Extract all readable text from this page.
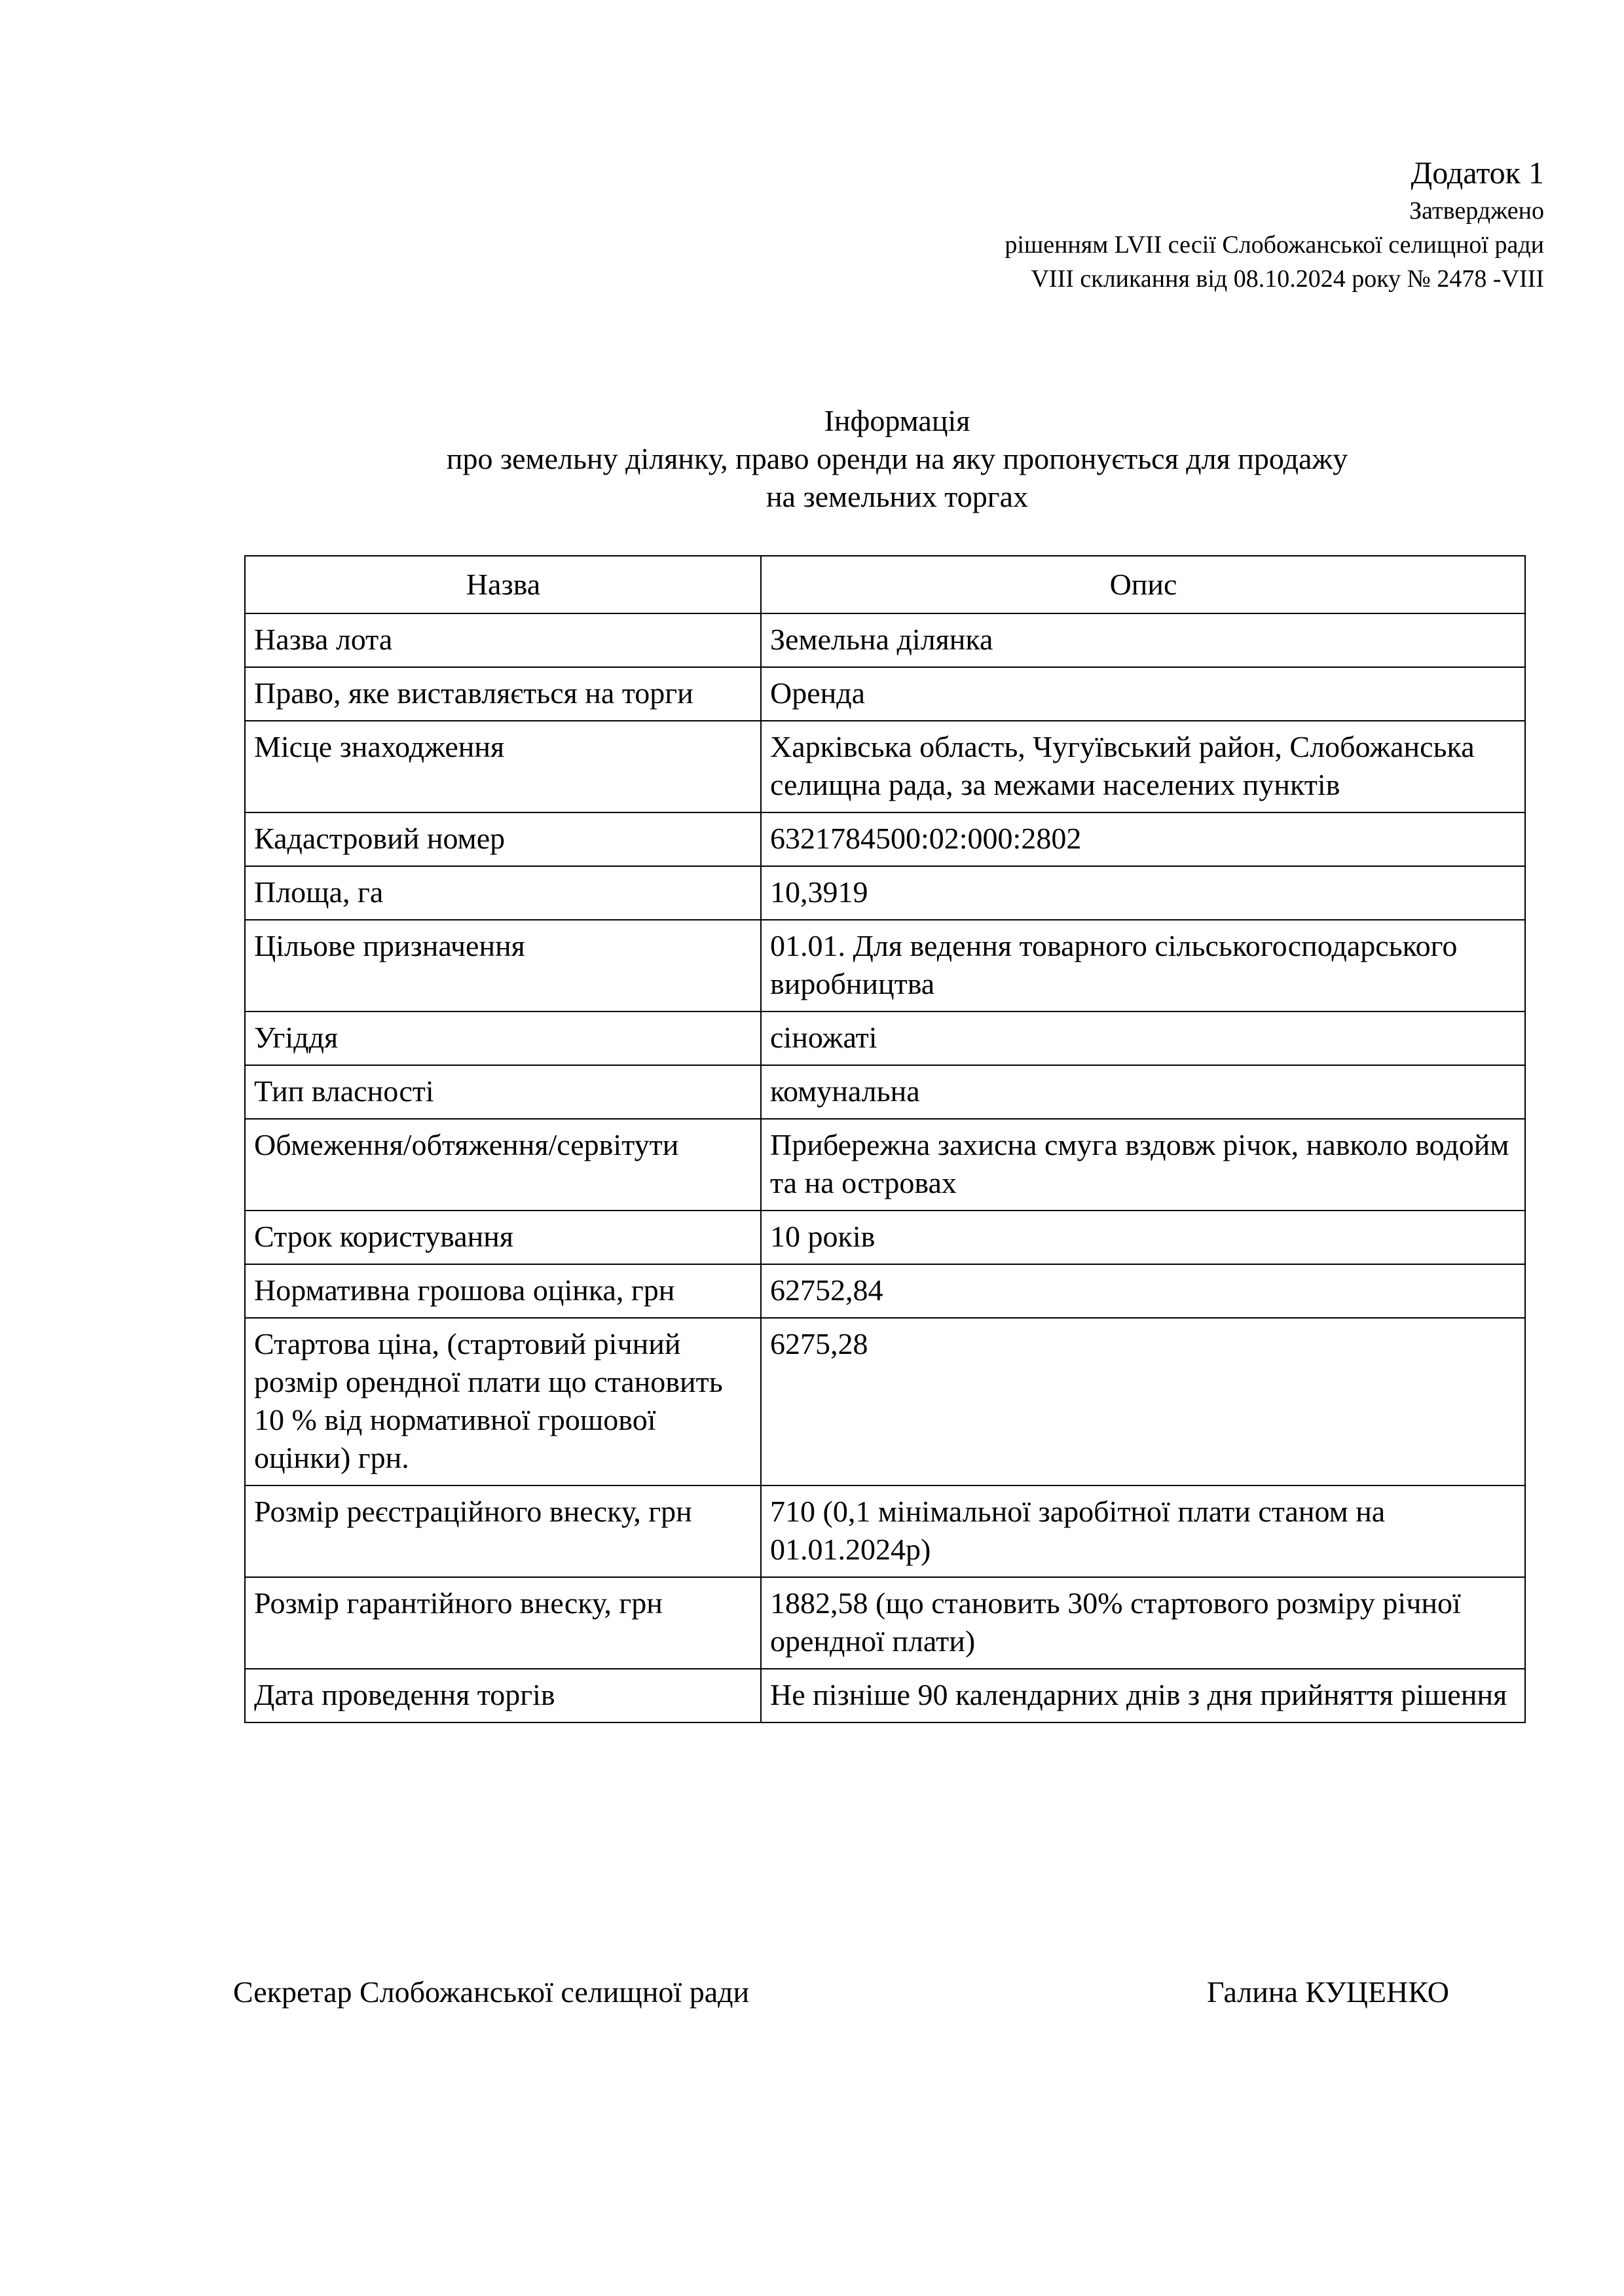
Додаток 1
Затверджено
рішенням LVII сесії Слобожанської селищної ради
VIII скликання від 08.10.2024 року № 2478 -VIII
Інформація
про земельну ділянку, право оренди на яку пропонується для продажу
на земельних торгах
Назва	Опис
Назва лота	Земельна ділянка
Право, яке виставляється на торги	Оренда
Місце знаходження	Харківська область, Чугуївський район, Слобожанська селищна рада, за межами населених пунктів
Кадастровий номер	6321784500:02:000:2802
Площа, га	10,3919
Цільове призначення	01.01. Для ведення товарного сільськогосподарського виробництва
Угіддя	сіножаті
Тип власності	комунальна
Обмеження/обтяження/сервітути	Прибережна захисна смуга вздовж річок, навколо водойм та на островах
Строк користування	10 років
Нормативна грошова оцінка, грн	62752,84
Стартова ціна, (стартовий річний розмір орендної плати що становить 10 % від нормативної грошової оцінки) грн.	6275,28
Розмір реєстраційного внеску, грн	710 (0,1 мінімальної заробітної плати станом на 01.01.2024р)
Розмір гарантійного внеску, грн	1882,58 (що становить 30% стартового розміру річної орендної плати)
Дата проведення торгів	Не пізніше 90 календарних днів з дня прийняття рішення
Секретар Слобожанської селищної ради	Галина КУЦЕНКО
